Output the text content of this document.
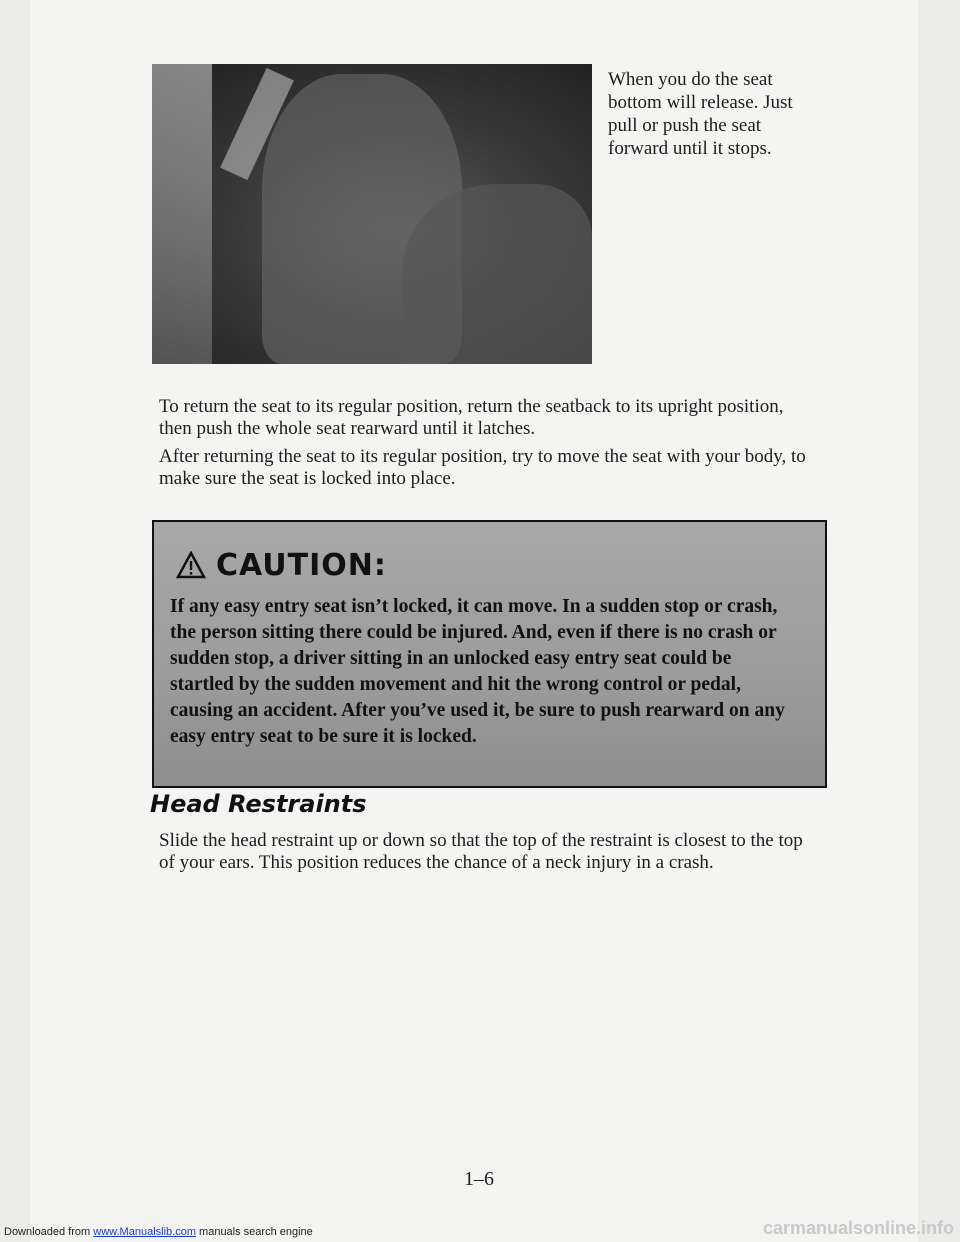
When you do the seat bottom will release. Just pull or push the seat forward until it stops.

To return the seat to its regular position, return the seatback to its upright position, then push the whole seat rearward until it latches.

After returning the seat to its regular position, try to move the seat with your body, to make sure the seat is locked into place.

CAUTION:
If any easy entry seat isn’t locked, it can move. In a sudden stop or crash, the person sitting there could be injured. And, even if there is no crash or sudden stop, a driver sitting in an unlocked easy entry seat could be startled by the sudden movement and hit the wrong control or pedal, causing an accident. After you’ve used it, be sure to push rearward on any easy entry seat to be sure it is locked.
Head Restraints

Slide the head restraint up or down so that the top of the restraint is closest to the top of your ears. This position reduces the chance of a neck injury in a crash.

1–6
Downloaded from www.Manualslib.com manuals search engine	carmanualsonline.info
